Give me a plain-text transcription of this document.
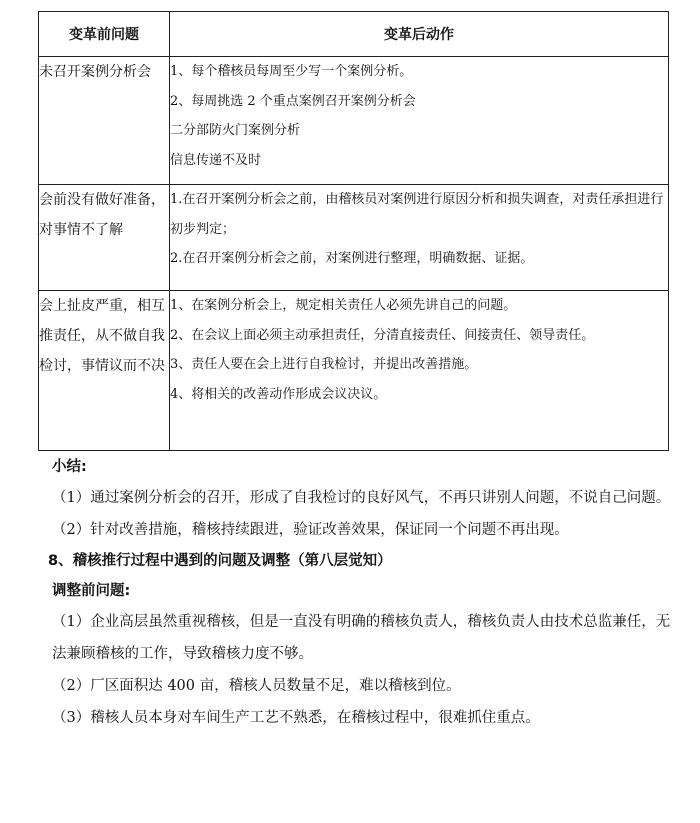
变革前问题	变革后动作
未召开案例分析会	1、每个稽核员每周至少写一个案例分析。
2、每周挑选 2 个重点案例召开案例分析会
二分部防火门案例分析
信息传递不及时

会前没有做好准备，对事情不了解	1.在召开案例分析会之前，由稽核员对案例进行原因分析和损失调查，对责任承担进行初步判定；
2.在召开案例分析会之前，对案例进行整理，明确数据、证据。

会上扯皮严重，相互推责任，从不做自我检讨，事情议而不决	1、在案例分析会上，规定相关责任人必须先讲自己的问题。
2、在会议上面必须主动承担责任，分清直接责任、间接责任、领导责任。
3、责任人要在会上进行自我检讨，并提出改善措施。
4、将相关的改善动作形成会议决议。
小结:
（1）通过案例分析会的召开，形成了自我检讨的良好风气，不再只讲别人问题，不说自己问题。
（2）针对改善措施，稽核持续跟进，验证改善效果，保证同一个问题不再出现。
8、稽核推行过程中遇到的问题及调整（第八层觉知）
调整前问题:
（1）企业高层虽然重视稽核，但是一直没有明确的稽核负责人，稽核负责人由技术总监兼任，无法兼顾稽核的工作，导致稽核力度不够。
（2）厂区面积达 400 亩，稽核人员数量不足，难以稽核到位。
（3）稽核人员本身对车间生产工艺不熟悉，在稽核过程中，很难抓住重点。
